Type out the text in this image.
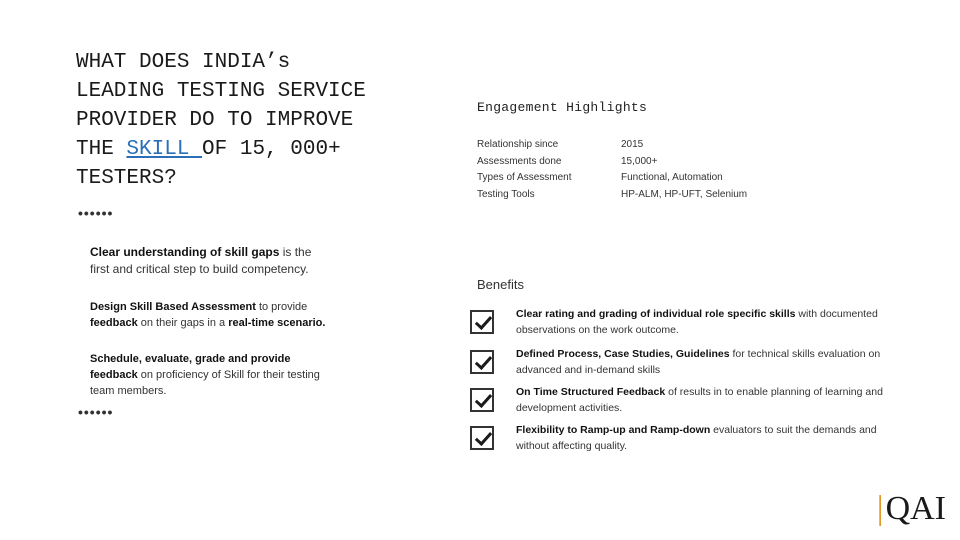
WHAT DOES INDIA’s LEADING TESTING SERVICE PROVIDER DO TO IMPROVE THE SKILL OF 15, 000+ TESTERS?
••••••
Clear understanding of skill gaps is the first and critical step to build competency.
Design Skill Based Assessment to provide feedback on their gaps in a real-time scenario.
Schedule, evaluate, grade and provide feedback on proficiency of Skill for their testing team members.
••••••
Engagement Highlights
Relationship since	2015
Assessments done	15,000+
Types of Assessment	Functional, Automation
Testing Tools	HP-ALM, HP-UFT, Selenium
Benefits
Clear rating and grading of individual role specific skills with documented observations on the work outcome.
Defined Process, Case Studies, Guidelines for technical skills evaluation on advanced and in-demand skills
On Time Structured Feedback of results in to enable planning of learning and development activities.
Flexibility to Ramp-up and Ramp-down evaluators to suit the demands and without affecting quality.
|QAI
